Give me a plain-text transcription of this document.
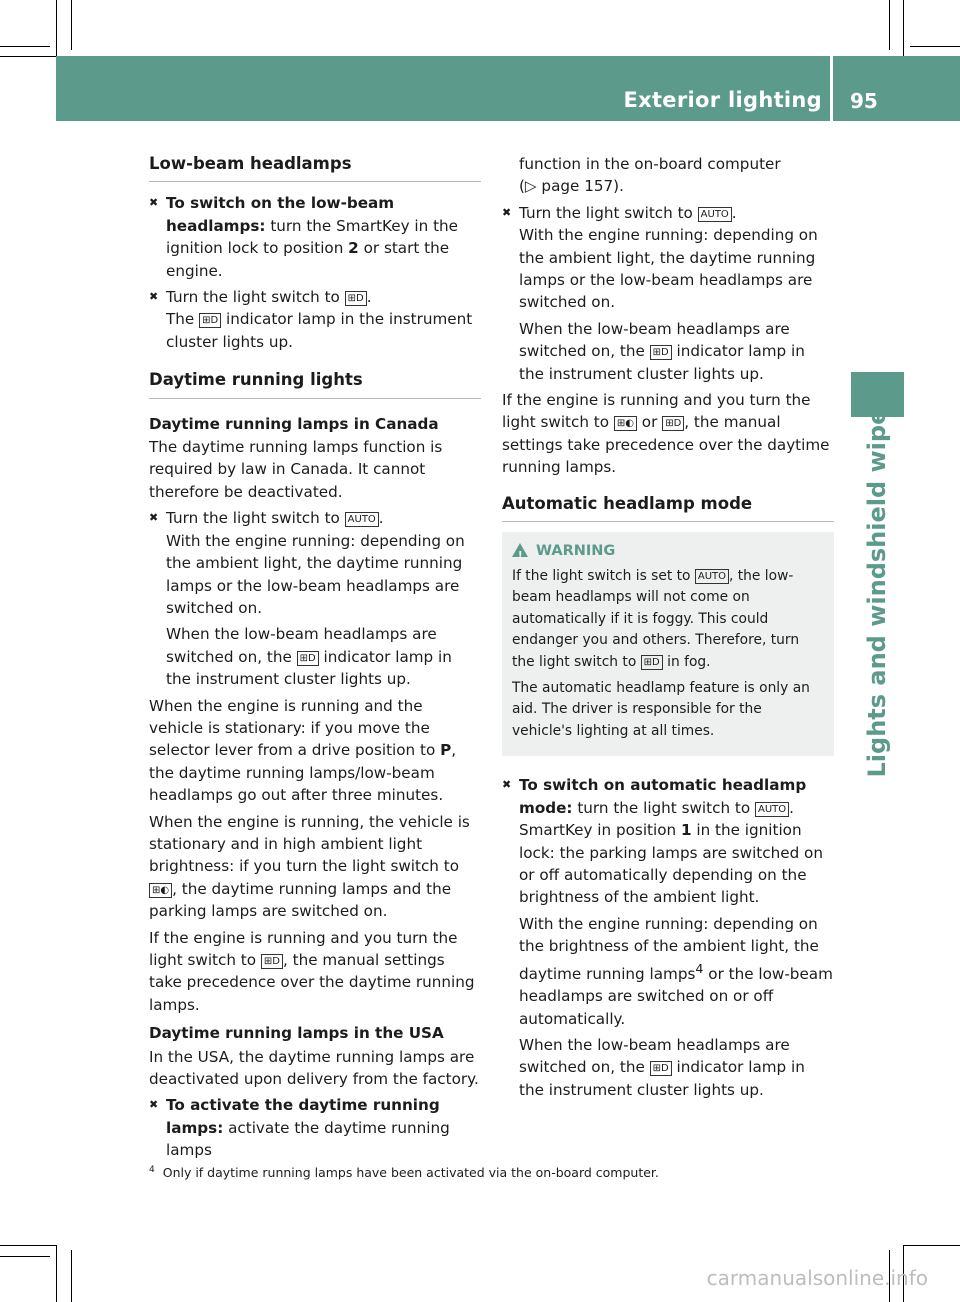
Exterior lighting 95
Lights and windshield wipers
Low-beam headlamps
✖ To switch on the low-beam headlamps: turn the SmartKey in the ignition lock to position 2 or start the engine.
✖ Turn the light switch to ⊞D .
The ⊞D indicator lamp in the instrument cluster lights up.
Daytime running lights
Daytime running lamps in Canada

The daytime running lamps function is required by law in Canada. It cannot therefore be deactivated.

✖ Turn the light switch to AUTO .
With the engine running: depending on the ambient light, the daytime running lamps or the low-beam headlamps are switched on.
When the low-beam headlamps are switched on, the ⊞D indicator lamp in the instrument cluster lights up.

When the engine is running and the vehicle is stationary: if you move the selector lever from a drive position to P, the daytime running lamps/low-beam headlamps go out after three minutes.

When the engine is running, the vehicle is stationary and in high ambient light brightness: if you turn the light switch to ⊞◐ , the daytime running lamps and the parking lamps are switched on.

If the engine is running and you turn the light switch to ⊞D , the manual settings take precedence over the daytime running lamps.

Daytime running lamps in the USA

In the USA, the daytime running lamps are deactivated upon delivery from the factory.

✖ To activate the daytime running lamps: activate the daytime running lamps
function in the on-board computer
(▷ page 157).
✖ Turn the light switch to AUTO .
With the engine running: depending on the ambient light, the daytime running lamps or the low-beam headlamps are switched on.
When the low-beam headlamps are switched on, the ⊞D indicator lamp in the instrument cluster lights up.

If the engine is running and you turn the light switch to ⊞◐ or ⊞D , the manual settings take precedence over the daytime running lamps.

Automatic headlamp mode
!WARNING

If the light switch is set to AUTO , the low-beam headlamps will not come on automatically if it is foggy. This could endanger you and others. Therefore, turn the light switch to ⊞D in fog.

The automatic headlamp feature is only an aid. The driver is responsible for the vehicle's lighting at all times.

✖ To switch on automatic headlamp mode: turn the light switch to AUTO .
SmartKey in position 1 in the ignition lock: the parking lamps are switched on or off automatically depending on the brightness of the ambient light.
With the engine running: depending on the brightness of the ambient light, the daytime running lamps$^4$ or the low-beam headlamps are switched on or off automatically.
When the low-beam headlamps are switched on, the ⊞D indicator lamp in the instrument cluster lights up.
$^4$ Only if daytime running lamps have been activated via the on-board computer.
carmanualsonline.info
